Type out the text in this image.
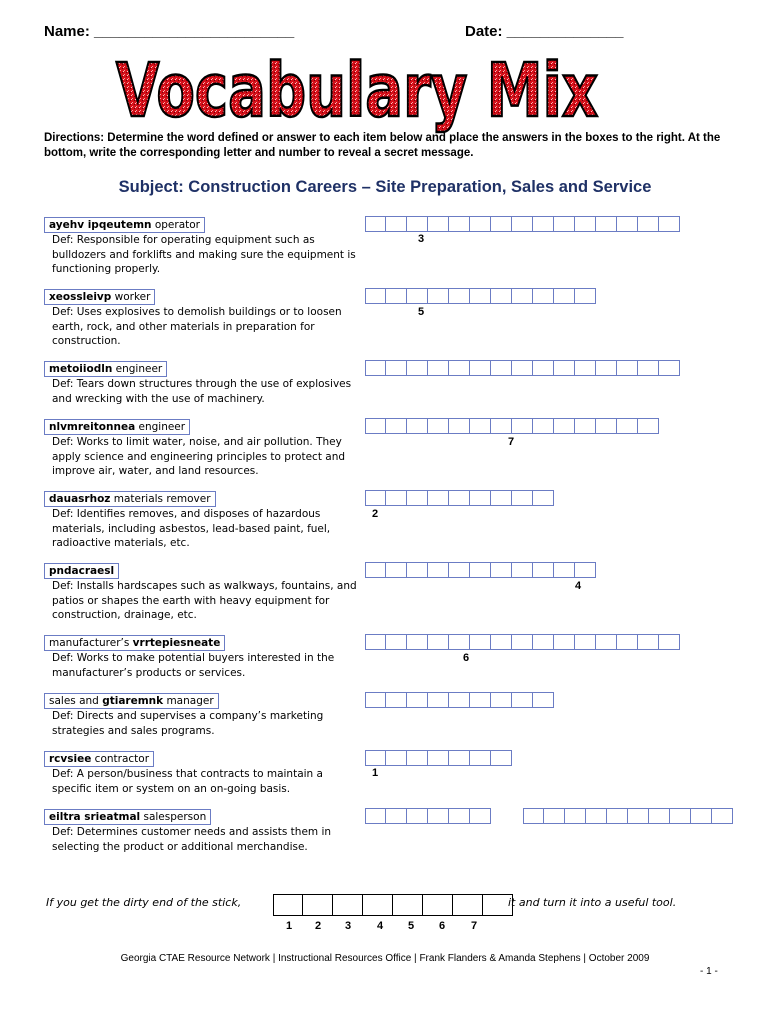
Name: ________________________	Date: ______________
Vocabulary Mix
Directions: Determine the word defined or answer to each item below and place the answers in the boxes to the right. At the bottom, write the corresponding letter and number to reveal a secret message.
Subject: Construction Careers – Site Preparation, Sales and Service
ayehv ipqeutemn operator
Def: Responsible for operating equipment such as bulldozers and forklifts and making sure the equipment is functioning properly.
3
xeossleivp worker
Def: Uses explosives to demolish buildings or to loosen earth, rock, and other materials in preparation for construction.
5
metoiiodln engineer
Def: Tears down structures through the use of explosives and wrecking with the use of machinery.
nlvmreitonnea engineer
Def: Works to limit water, noise, and air pollution. They apply science and engineering principles to protect and improve air, water, and land resources.
7
dauasrhoz materials remover
Def: Identifies removes, and disposes of hazardous materials, including asbestos, lead-based paint, fuel, radioactive materials, etc.
2
pndacraesl
Def: Installs hardscapes such as walkways, fountains, and patios or shapes the earth with heavy equipment for construction, drainage, etc.
4
manufacturer’s vrrtepiesneate
Def: Works to make potential buyers interested in the manufacturer’s products or services.
6
sales and gtiaremnk manager
Def: Directs and supervises a company’s marketing strategies and sales programs.
rcvsiee contractor
Def: A person/business that contracts to maintain a specific item or system on an on-going basis.
1
eiltra srieatmal salesperson
Def: Determines customer needs and assists them in selecting the product or additional merchandise.
If you get the dirty end of the stick,	it and turn it into a useful tool.
1 2 3 4 5 6 7
Georgia CTAE Resource Network | Instructional Resources Office | Frank Flanders & Amanda Stephens | October 2009
- 1 -
